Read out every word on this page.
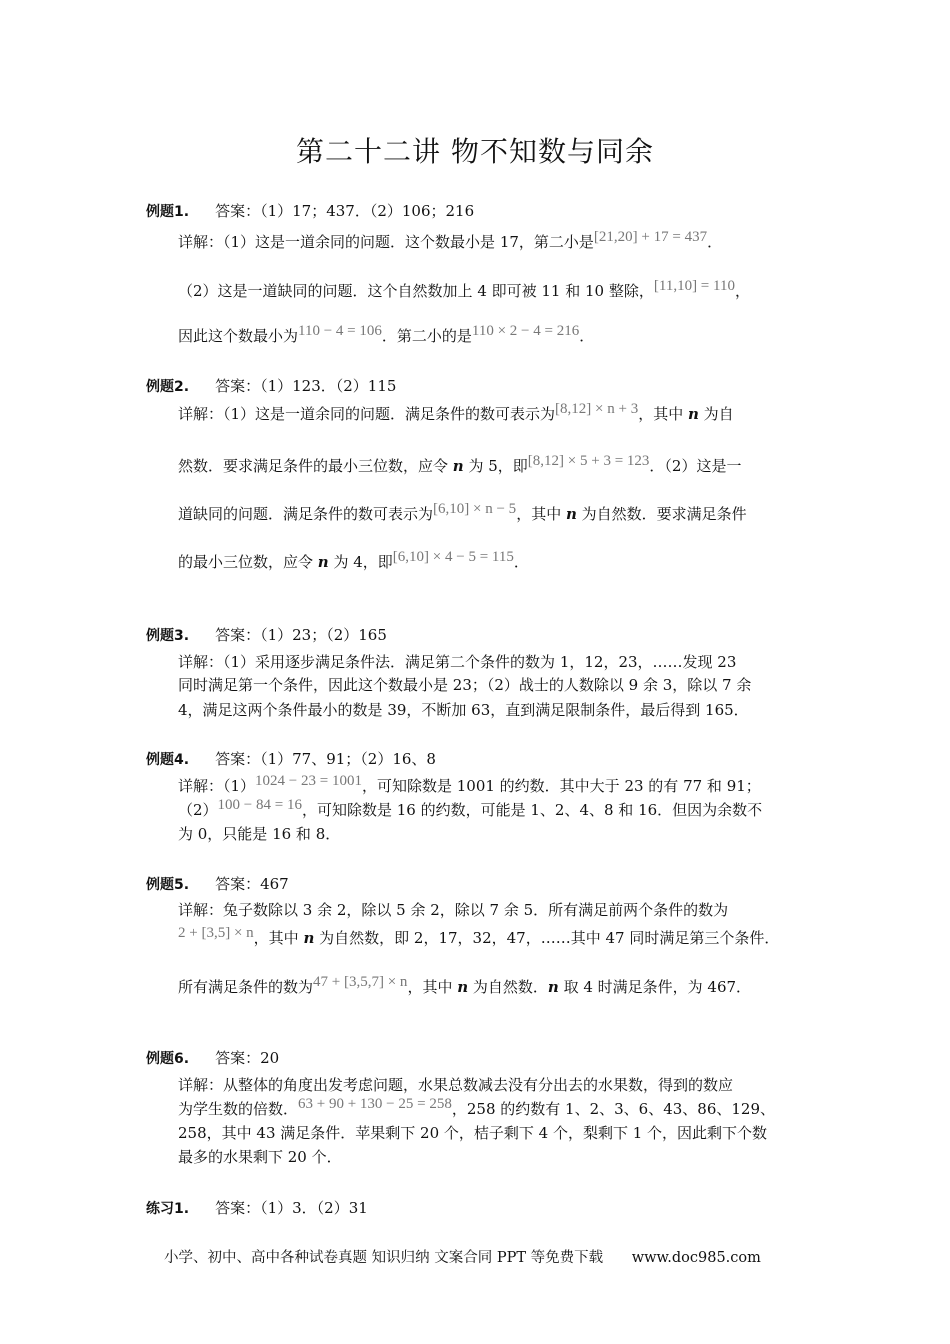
第二十二讲 物不知数与同余
例题1. 答案：（1）17；437．（2）106；216
详解：（1）这是一道余同的问题．这个数最小是 17，第二小是[21,20] + 17 = 437．
（2）这是一道缺同的问题．这个自然数加上 4 即可被 11 和 10 整除，[11,10] = 110，
因此这个数最小为110 − 4 = 106．第二小的是110 × 2 − 4 = 216．
例题2. 答案：（1）123．（2）115
详解：（1）这是一道余同的问题．满足条件的数可表示为[8,12] × n + 3，其中 n 为自
然数．要求满足条件的最小三位数，应令 n 为 5，即[8,12] × 5 + 3 = 123．（2）这是一
道缺同的问题．满足条件的数可表示为[6,10] × n − 5，其中 n 为自然数．要求满足条件
的最小三位数，应令 n 为 4，即[6,10] × 4 − 5 = 115．
例题3. 答案：（1）23；（2）165
详解：（1）采用逐步满足条件法．满足第二个条件的数为 1，12，23，……发现 23
同时满足第一个条件，因此这个数最小是 23；（2）战士的人数除以 9 余 3，除以 7 余
4，满足这两个条件最小的数是 39，不断加 63，直到满足限制条件，最后得到 165．
例题4. 答案：（1）77、91；（2）16、8
详解：（1）1024 − 23 = 1001，可知除数是 1001 的约数．其中大于 23 的有 77 和 91；
（2）100 − 84 = 16，可知除数是 16 的约数，可能是 1、2、4、8 和 16．但因为余数不
为 0，只能是 16 和 8．
例题5. 答案：467
详解：兔子数除以 3 余 2，除以 5 余 2，除以 7 余 5．所有满足前两个条件的数为
2 + [3,5] × n，其中 n 为自然数，即 2，17，32，47，……其中 47 同时满足第三个条件．
所有满足条件的数为47 + [3,5,7] × n，其中 n 为自然数．n 取 4 时满足条件，为 467．
例题6. 答案：20
详解：从整体的角度出发考虑问题，水果总数减去没有分出去的水果数，得到的数应
为学生数的倍数．63 + 90 + 130 − 25 = 258，258 的约数有 1、2、3、6、43、86、129、
258，其中 43 满足条件．苹果剩下 20 个，桔子剩下 4 个，梨剩下 1 个，因此剩下个数
最多的水果剩下 20 个．
练习1. 答案：（1）3．（2）31
小学、初中、高中各种试卷真题 知识归纳 文案合同 PPT 等免费下载 www.doc985.com
